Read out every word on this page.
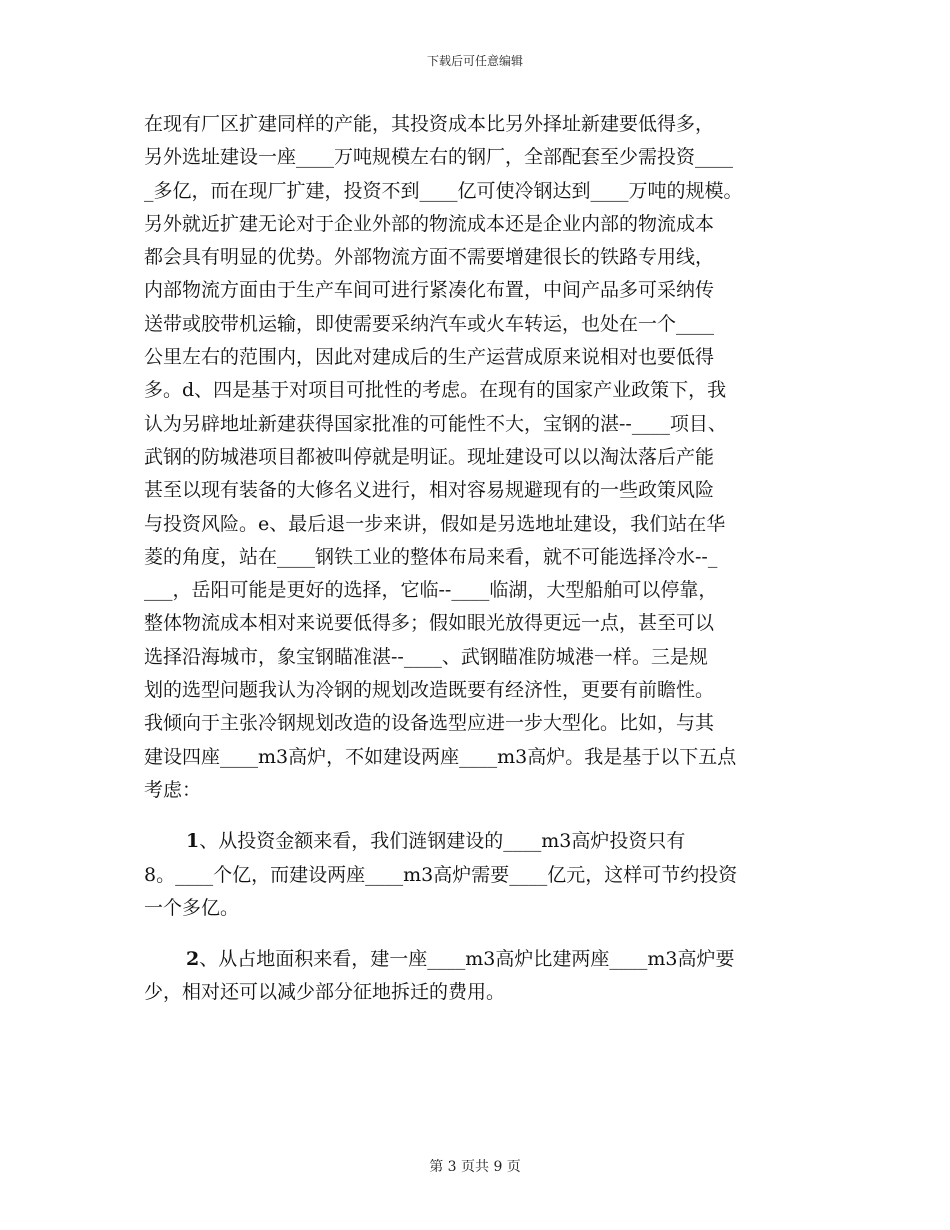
下载后可任意编辑
在现有厂区扩建同样的产能，其投资成本比另外择址新建要低得多，
另外选址建设一座____万吨规模左右的钢厂，全部配套至少需投资____
_多亿，而在现厂扩建，投资不到____亿可使冷钢达到____万吨的规模。
另外就近扩建无论对于企业外部的物流成本还是企业内部的物流成本
都会具有明显的优势。外部物流方面不需要增建很长的铁路专用线，
内部物流方面由于生产车间可进行紧凑化布置，中间产品多可采纳传
送带或胶带机运输，即使需要采纳汽车或火车转运，也处在一个____
公里左右的范围内，因此对建成后的生产运营成原来说相对也要低得
多。d、四是基于对项目可批性的考虑。在现有的国家产业政策下，我
认为另辟地址新建获得国家批准的可能性不大，宝钢的湛--____项目、
武钢的防城港项目都被叫停就是明证。现址建设可以以淘汰落后产能
甚至以现有装备的大修名义进行，相对容易规避现有的一些政策风险
与投资风险。e、最后退一步来讲，假如是另选地址建设，我们站在华
菱的角度，站在____钢铁工业的整体布局来看，就不可能选择冷水--_
___，岳阳可能是更好的选择，它临--____临湖，大型船舶可以停靠，
整体物流成本相对来说要低得多；假如眼光放得更远一点，甚至可以
选择沿海城市，象宝钢瞄准湛--____、武钢瞄准防城港一样。三是规
划的选型问题我认为冷钢的规划改造既要有经济性，更要有前瞻性。
我倾向于主张冷钢规划改造的设备选型应进一步大型化。比如，与其
建设四座____m3高炉，不如建设两座____m3高炉。我是基于以下五点
考虑：
1、从投资金额来看，我们涟钢建设的____m3高炉投资只有
8。____个亿，而建设两座____m3高炉需要____亿元，这样可节约投资
一个多亿。
2、从占地面积来看，建一座____m3高炉比建两座____m3高炉要
少，相对还可以减少部分征地拆迁的费用。
第 3 页共 9 页
